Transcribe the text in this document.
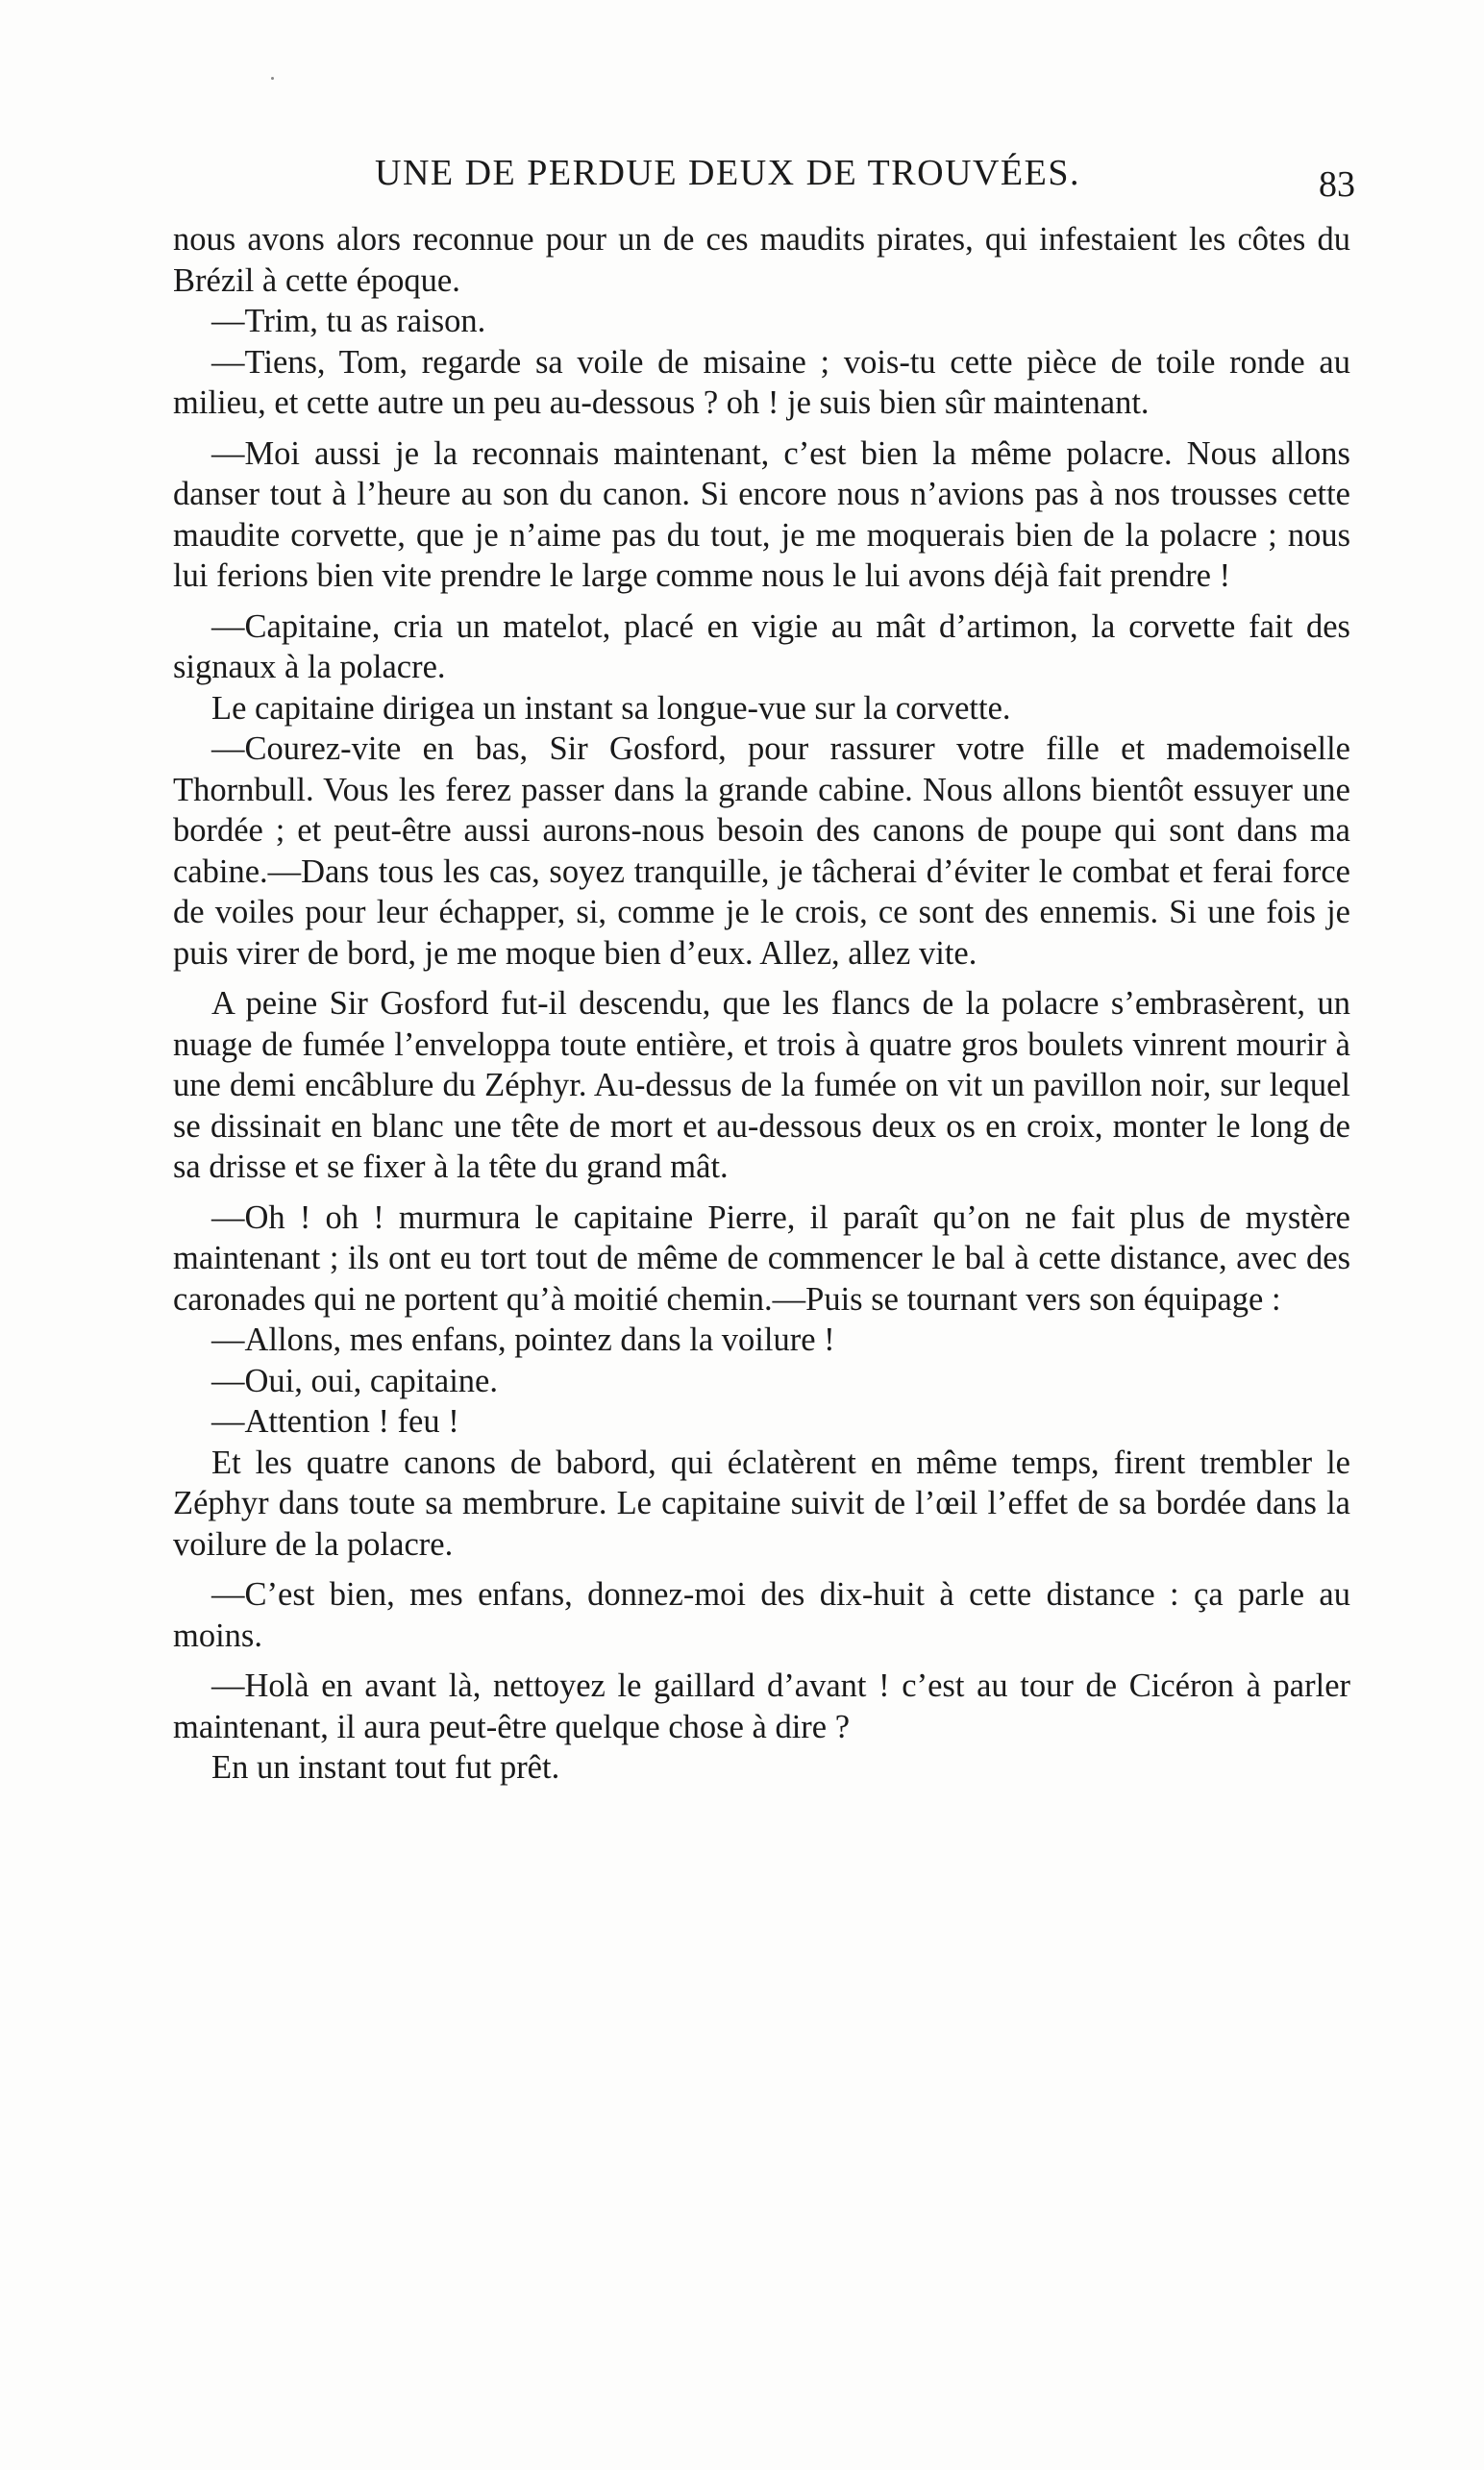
UNE DE PERDUE DEUX DE TROUVÉES.	83

nous avons alors reconnue pour un de ces maudits pirates, qui infestaient les côtes du Brézil à cette époque.

—Trim, tu as raison.

—Tiens, Tom, regarde sa voile de misaine ; vois-tu cette pièce de toile ronde au milieu, et cette autre un peu au-dessous ? oh ! je suis bien sûr maintenant.

—Moi aussi je la reconnais maintenant, c’est bien la même polacre. Nous allons danser tout à l’heure au son du canon. Si encore nous n’avions pas à nos trousses cette maudite corvette, que je n’aime pas du tout, je me moquerais bien de la polacre ; nous lui ferions bien vite prendre le large comme nous le lui avons déjà fait prendre !

—Capitaine, cria un matelot, placé en vigie au mât d’artimon, la corvette fait des signaux à la polacre.

Le capitaine dirigea un instant sa longue-vue sur la corvette.

—Courez-vite en bas, Sir Gosford, pour rassurer votre fille et mademoiselle Thornbull. Vous les ferez passer dans la grande cabine. Nous allons bientôt essuyer une bordée ; et peut-être aussi aurons-nous besoin des canons de poupe qui sont dans ma cabine.—Dans tous les cas, soyez tranquille, je tâcherai d’éviter le combat et ferai force de voiles pour leur échapper, si, comme je le crois, ce sont des ennemis. Si une fois je puis virer de bord, je me moque bien d’eux. Allez, allez vite.

A peine Sir Gosford fut-il descendu, que les flancs de la polacre s’embrasèrent, un nuage de fumée l’enveloppa toute entière, et trois à quatre gros boulets vinrent mourir à une demi encâblure du Zéphyr. Au-dessus de la fumée on vit un pavillon noir, sur lequel se dissinait en blanc une tête de mort et au-dessous deux os en croix, monter le long de sa drisse et se fixer à la tête du grand mât.

—Oh ! oh ! murmura le capitaine Pierre, il paraît qu’on ne fait plus de mystère maintenant ; ils ont eu tort tout de même de commencer le bal à cette distance, avec des caronades qui ne portent qu’à moitié chemin.—Puis se tournant vers son équipage :

—Allons, mes enfans, pointez dans la voilure !

—Oui, oui, capitaine.

—Attention ! feu !

Et les quatre canons de babord, qui éclatèrent en même temps, firent trembler le Zéphyr dans toute sa membrure. Le capitaine suivit de l’œil l’effet de sa bordée dans la voilure de la polacre.

—C’est bien, mes enfans, donnez-moi des dix-huit à cette distance : ça parle au moins.

—Holà en avant là, nettoyez le gaillard d’avant ! c’est au tour de Cicéron à parler maintenant, il aura peut-être quelque chose à dire ?

En un instant tout fut prêt.
